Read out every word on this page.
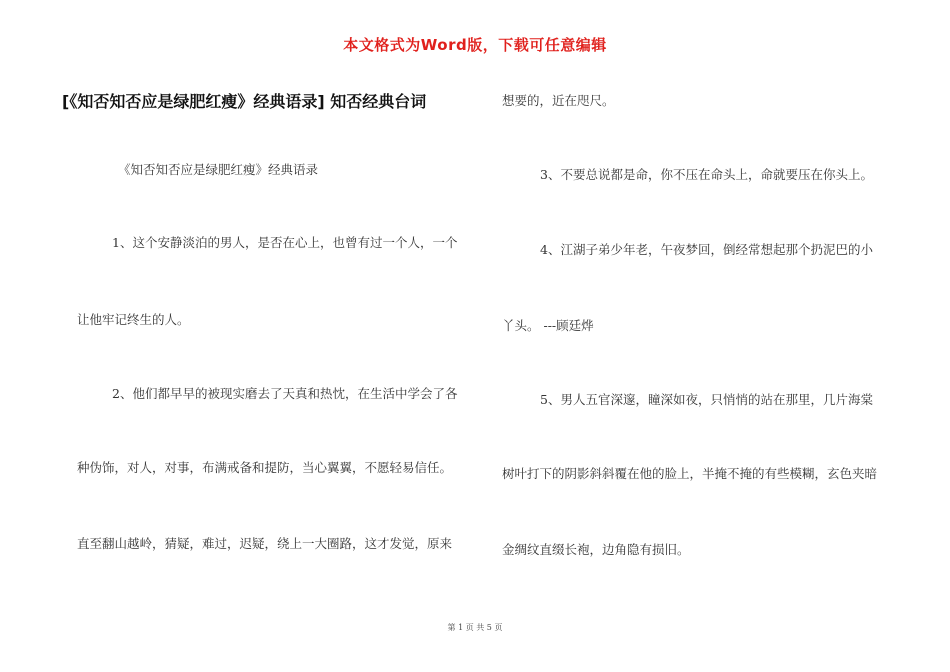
本文格式为Word版，下载可任意编辑
[《知否知否应是绿肥红瘦》经典语录] 知否经典台词
《知否知否应是绿肥红瘦》经典语录
1、这个安静淡泊的男人，是否在心上，也曾有过一个人，一个
让他牢记终生的人。
2、他们都早早的被现实磨去了天真和热忱，在生活中学会了各
种伪饰，对人，对事，布满戒备和提防，当心翼翼，不愿轻易信任。
直至翻山越岭，猜疑，难过，迟疑，绕上一大圈路，这才发觉，原来
想要的，近在咫尺。
3、不要总说都是命，你不压在命头上，命就要压在你头上。
4、江湖子弟少年老，午夜梦回，倒经常想起那个扔泥巴的小
丫头。 ---顾廷烨
5、男人五官深邃，瞳深如夜，只悄悄的站在那里，几片海棠
树叶打下的阴影斜斜覆在他的脸上，半掩不掩的有些模糊，玄色夹暗
金绸纹直缀长袍，边角隐有损旧。
第 1 页 共 5 页
